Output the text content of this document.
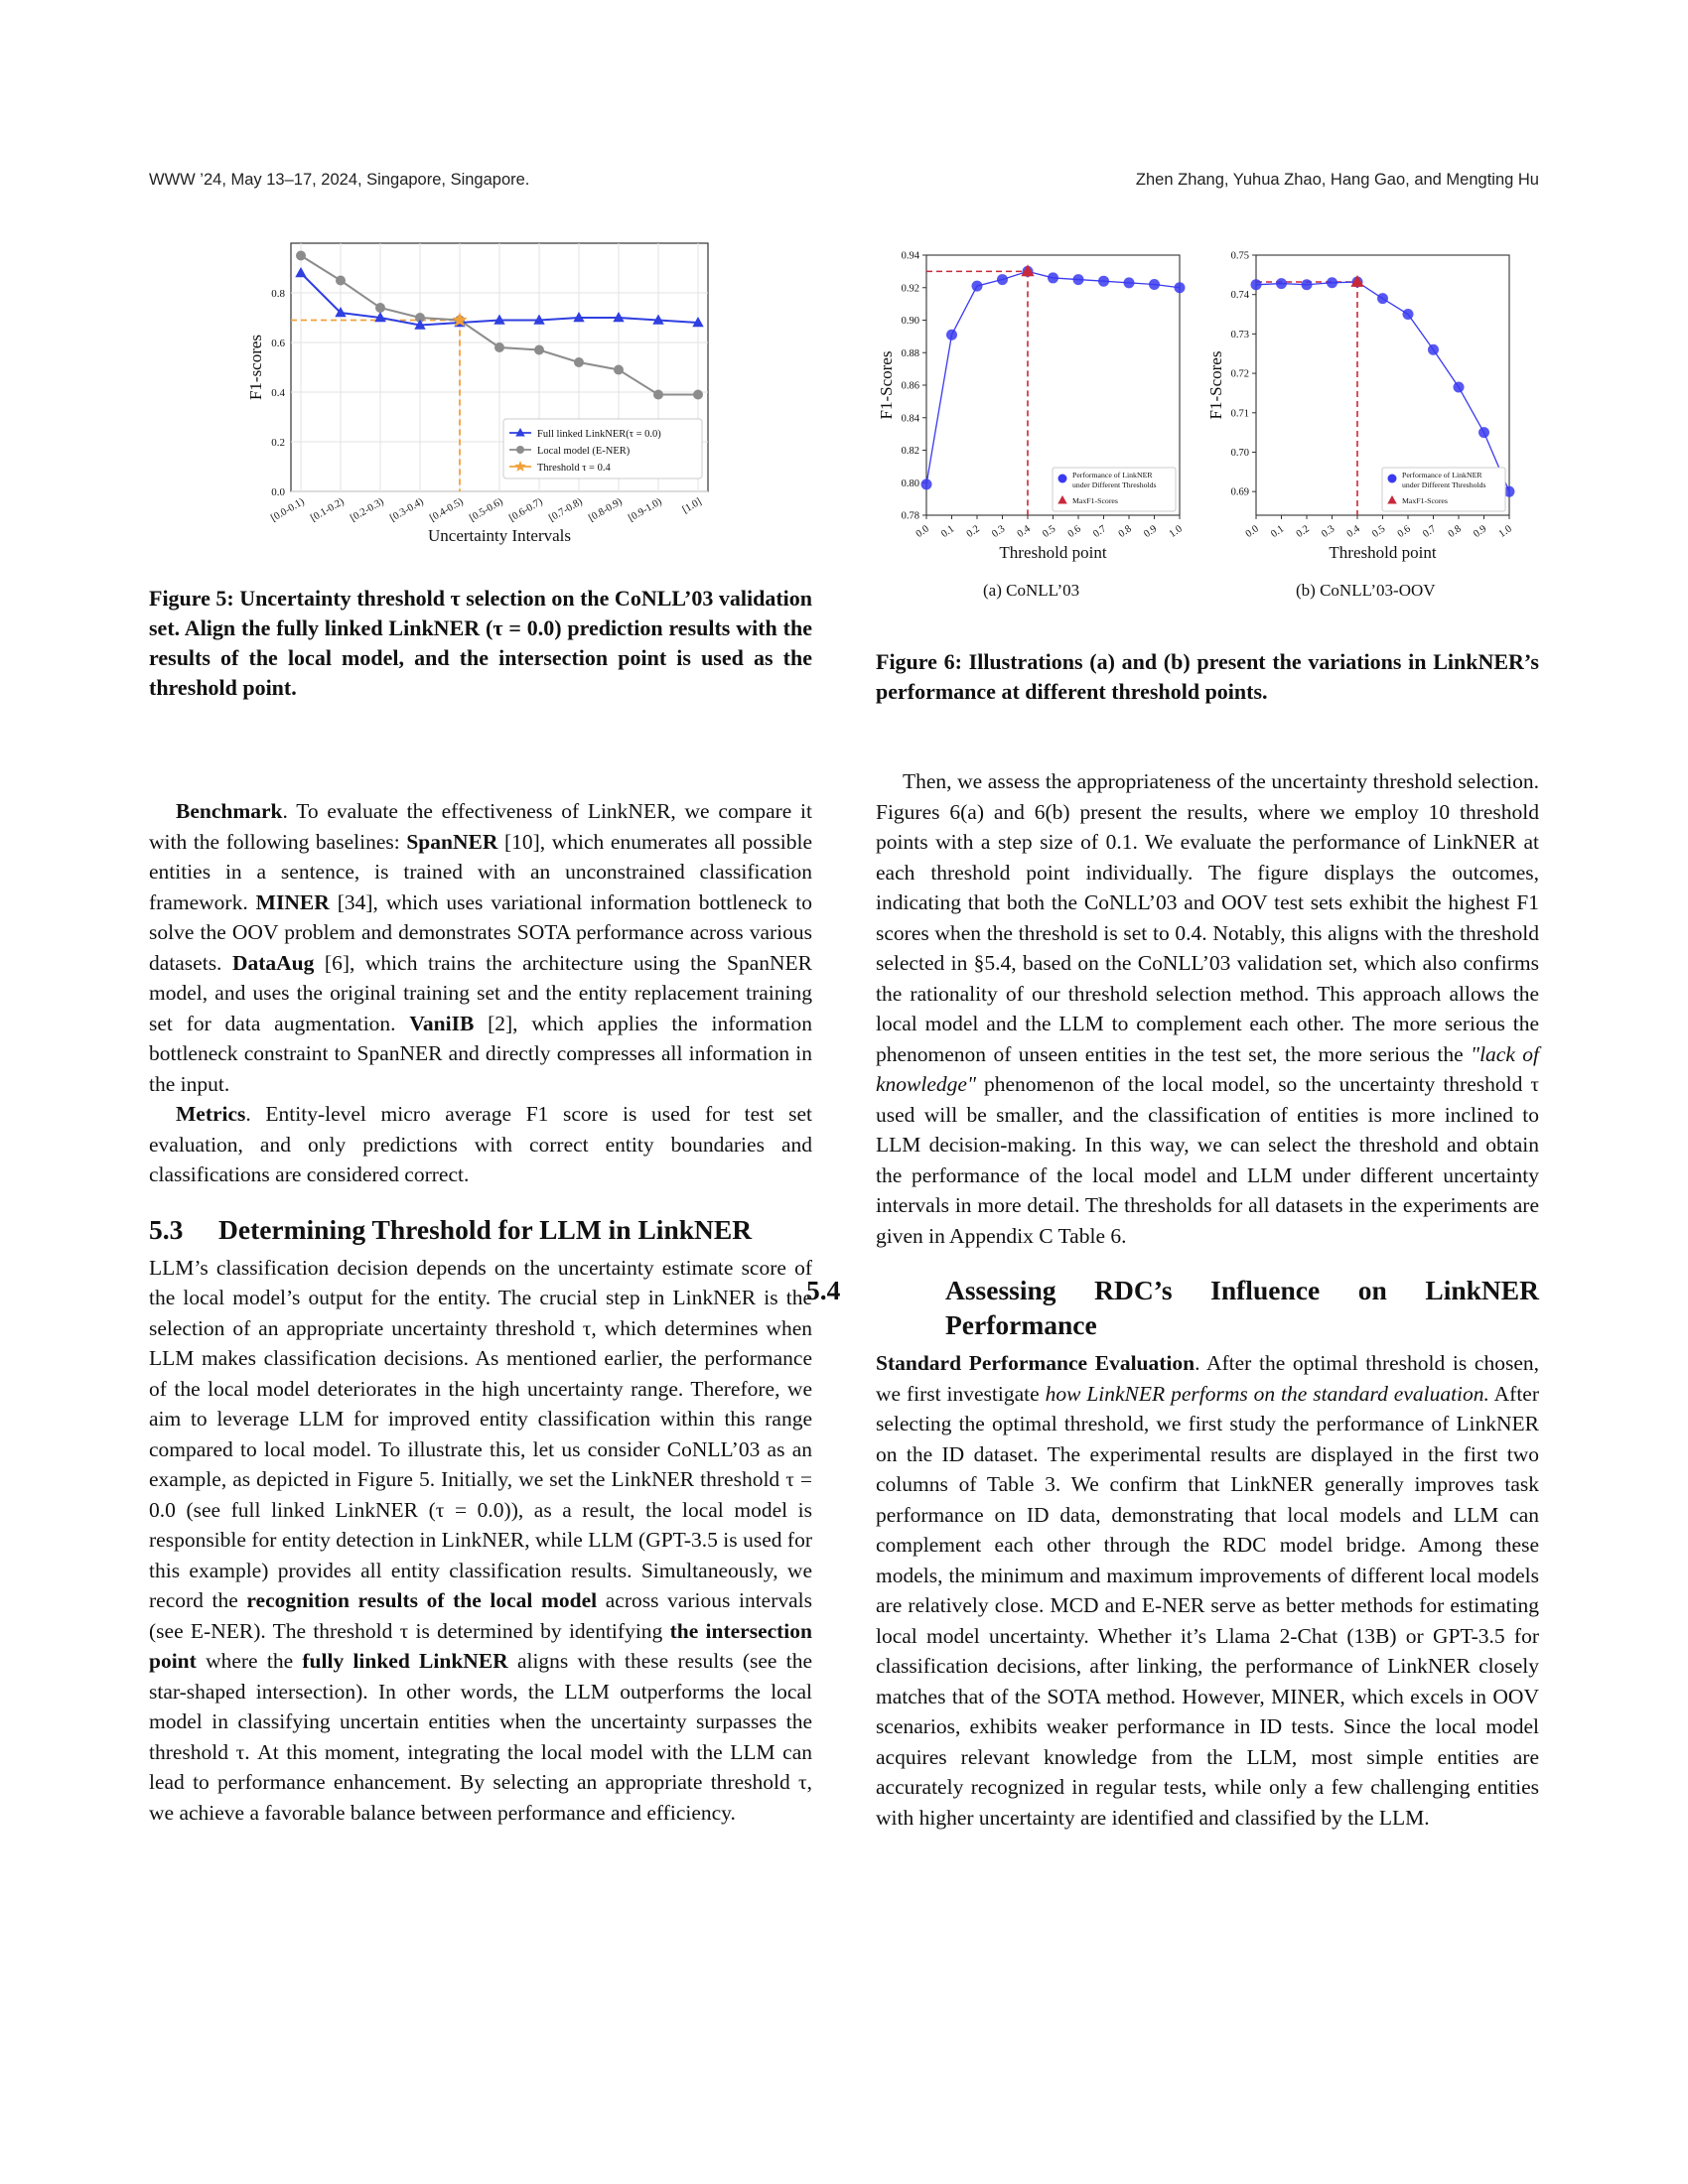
WWW ’24, May 13–17, 2024, Singapore, Singapore.	Zhen Zhang, Yuhua Zhao, Hang Gao, and Mengting Hu
0.0
0.2
0.4
0.6
0.8
[0.0-0.1) [0.1-0.2) [0.2-0.3) [0.3-0.4) [0.4-0.5) [0.5-0.6) [0.6-0.7) [0.7-0.8) [0.8-0.9) [0.9-1.0) [1.0]
Uncertainty Intervals
F1-scores
Full linked LinkNER(τ = 0.0)
Local model (E-NER)
Threshold τ = 0.4
Figure 5: Uncertainty threshold τ selection on the CoNLL’03 validation set. Align the fully linked LinkNER (τ = 0.0) prediction results with the results of the local model, and the intersection point is used as the threshold point.
0.78
0.80
0.82
0.84
0.86
0.88
0.90
0.92
0.94
0.0 0.1 0.2 0.3 0.4 0.5 0.6 0.7 0.8 0.9 1.0
Threshold point
F1-Scores
Performance of LinkNER
under Different Thresholds
MaxF1-Scores
0.69
0.70
0.71
0.72
0.73
0.74
0.75
0.0 0.1 0.2 0.3 0.4 0.5 0.6 0.7 0.8 0.9 1.0
Threshold point
F1-Scores
Performance of LinkNER
under Different Thresholds
MaxF1-Scores
(a) CoNLL’03	(b) CoNLL’03-OOV
Figure 6: Illustrations (a) and (b) present the variations in LinkNER’s performance at different threshold points.

Benchmark. To evaluate the effectiveness of LinkNER, we compare it with the following baselines: SpanNER [10], which enumerates all possible entities in a sentence, is trained with an unconstrained classification framework. MINER [34], which uses variational information bottleneck to solve the OOV problem and demonstrates SOTA performance across various datasets. DataAug [6], which trains the architecture using the SpanNER model, and uses the original training set and the entity replacement training set for data augmentation. VaniIB [2], which applies the information bottleneck constraint to SpanNER and directly compresses all information in the input.

Metrics. Entity-level micro average F1 score is used for test set evaluation, and only predictions with correct entity boundaries and classifications are considered correct.

5.3 Determining Threshold for LLM in LinkNER

LLM’s classification decision depends on the uncertainty estimate score of the local model’s output for the entity. The crucial step in LinkNER is the selection of an appropriate uncertainty threshold τ, which determines when LLM makes classification decisions. As mentioned earlier, the performance of the local model deteriorates in the high uncertainty range. Therefore, we aim to leverage LLM for improved entity classification within this range compared to local model. To illustrate this, let us consider CoNLL’03 as an example, as depicted in Figure 5. Initially, we set the LinkNER threshold τ = 0.0 (see full linked LinkNER (τ = 0.0)), as a result, the local model is responsible for entity detection in LinkNER, while LLM (GPT-3.5 is used for this example) provides all entity classification results. Simultaneously, we record the recognition results of the local model across various intervals (see E-NER). The threshold τ is determined by identifying the intersection point where the fully linked LinkNER aligns with these results (see the star-shaped intersection). In other words, the LLM outperforms the local model in classifying uncertain entities when the uncertainty surpasses the threshold τ. At this moment, integrating the local model with the LLM can lead to performance enhancement. By selecting an appropriate threshold τ, we achieve a favorable balance between performance and efficiency.

Then, we assess the appropriateness of the uncertainty threshold selection. Figures 6(a) and 6(b) present the results, where we employ 10 threshold points with a step size of 0.1. We evaluate the performance of LinkNER at each threshold point individually. The figure displays the outcomes, indicating that both the CoNLL’03 and OOV test sets exhibit the highest F1 scores when the threshold is set to 0.4. Notably, this aligns with the threshold selected in §5.4, based on the CoNLL’03 validation set, which also confirms the rationality of our threshold selection method. This approach allows the local model and the LLM to complement each other. The more serious the phenomenon of unseen entities in the test set, the more serious the "lack of knowledge" phenomenon of the local model, so the uncertainty threshold τ used will be smaller, and the classification of entities is more inclined to LLM decision-making. In this way, we can select the threshold and obtain the performance of the local model and LLM under different uncertainty intervals in more detail. The thresholds for all datasets in the experiments are given in Appendix C Table 6.

5.4	Assessing RDC’s Influence on LinkNER Performance

Standard Performance Evaluation. After the optimal threshold is chosen, we first investigate how LinkNER performs on the standard evaluation. After selecting the optimal threshold, we first study the performance of LinkNER on the ID dataset. The experimental results are displayed in the first two columns of Table 3. We confirm that LinkNER generally improves task performance on ID data, demonstrating that local models and LLM can complement each other through the RDC model bridge. Among these models, the minimum and maximum improvements of different local models are relatively close. MCD and E-NER serve as better methods for estimating local model uncertainty. Whether it’s Llama 2-Chat (13B) or GPT-3.5 for classification decisions, after linking, the performance of LinkNER closely matches that of the SOTA method. However, MINER, which excels in OOV scenarios, exhibits weaker performance in ID tests. Since the local model acquires relevant knowledge from the LLM, most simple entities are accurately recognized in regular tests, while only a few challenging entities with higher uncertainty are identified and classified by the LLM.
